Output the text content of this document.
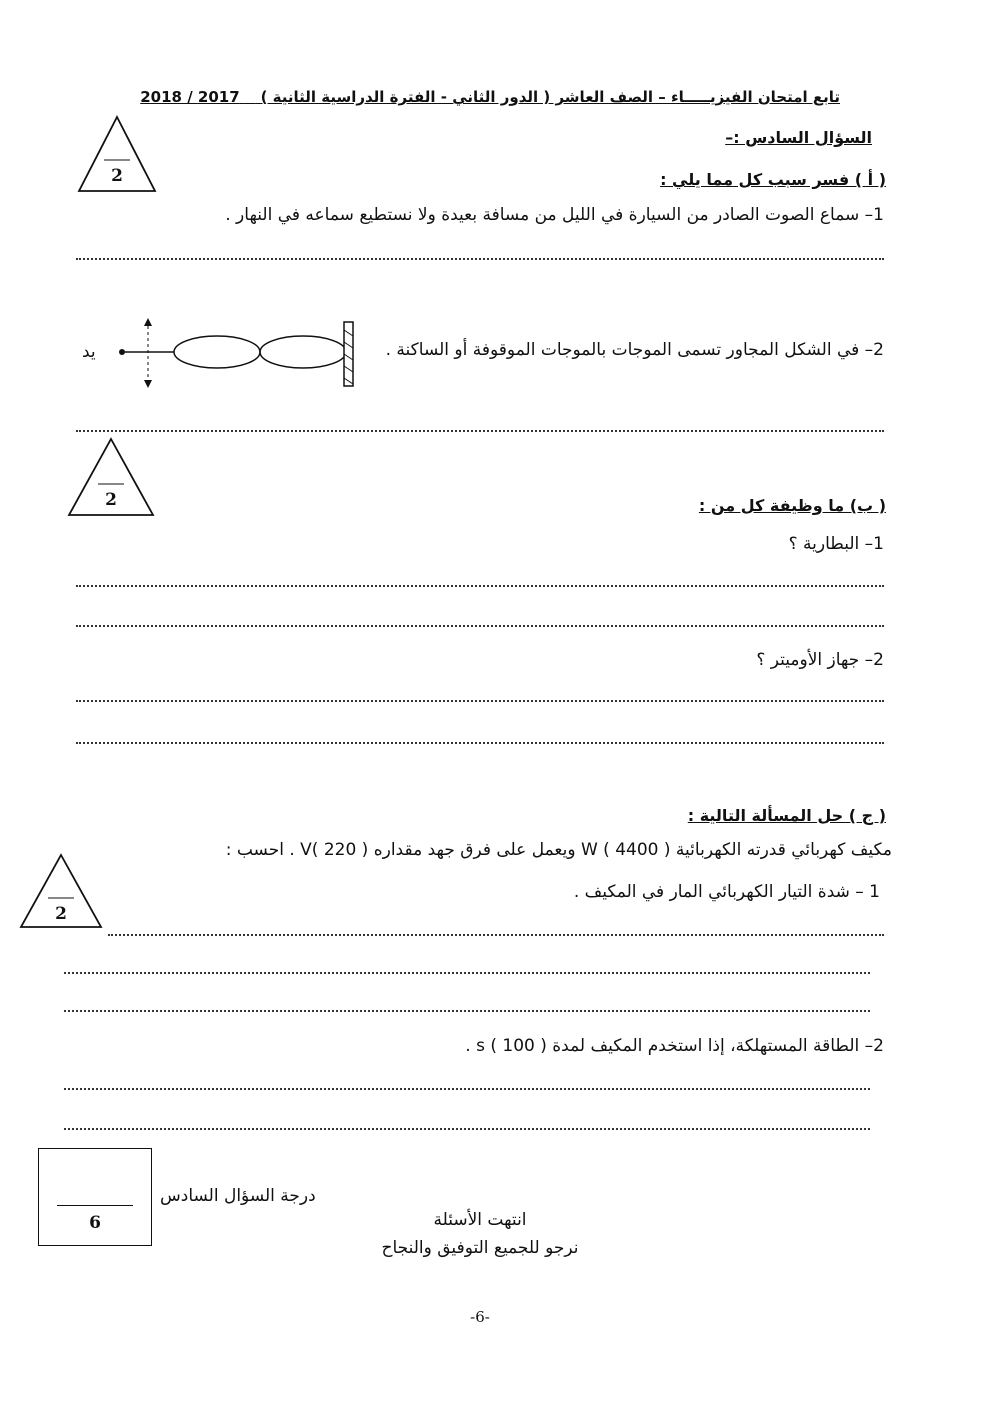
تابع امتحان الفيزيـــــاء – الصف العاشر ( الدور الثاني - الفترة الدراسية الثانية )    2017 / 2018
السؤال السادس :–
2	( أ ) فسر سبب كل مما يلي :
1– سماع الصوت الصادر من السيارة في الليل من مسافة بعيدة ولا نستطيع سماعه في النهار .
2– في الشكل المجاور تسمى الموجات بالموجات الموقوفة أو الساكنة .
يد
2	( ب) ما وظيفة كل من :
1– البطارية ؟
2– جهاز الأوميتر ؟
( ج ) حل المسألة التالية :
مكيف كهربائي قدرته الكهربائية W ( 4400 ) ويعمل على فرق جهد مقداره V( 220 ) . احسب :
2
1 – شدة التيار الكهربائي المار في المكيف .
2– الطاقة المستهلكة، إذا استخدم المكيف لمدة s ( 100 ) .
6
درجة السؤال السادس
انتهت الأسئلة
نرجو للجميع التوفيق والنجاح
-6-
